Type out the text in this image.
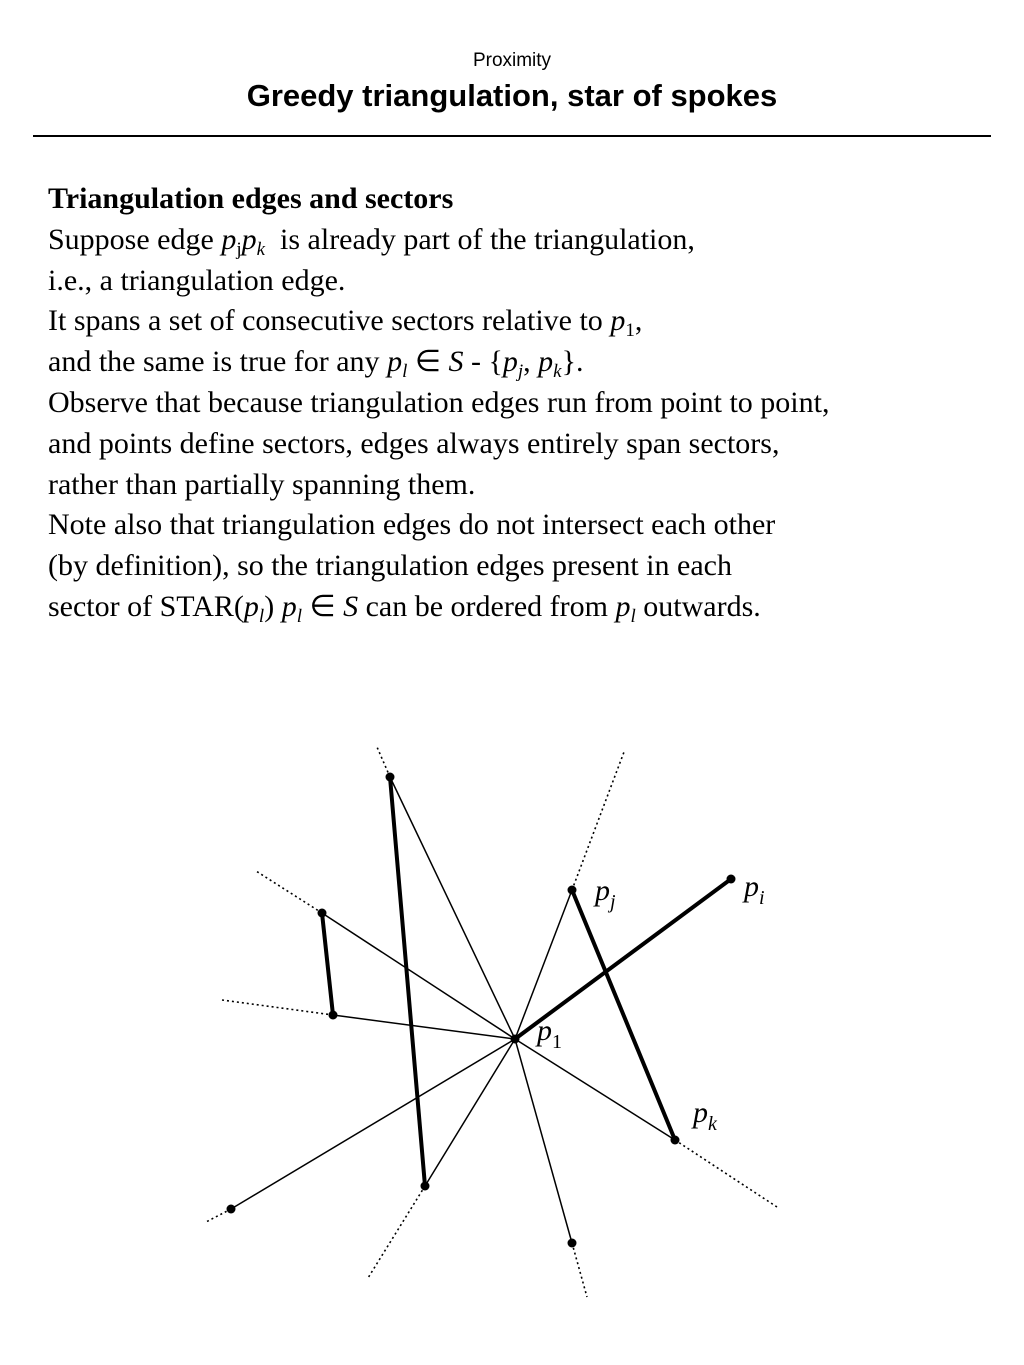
Proximity
Greedy triangulation, star of spokes
Triangulation edges and sectors
Suppose edge $p_jp_k$  is already part of the triangulation,
i.e., a triangulation edge.
It spans a set of consecutive sectors relative to $p_1$,
and the same is true for any $p_l$ ∈ S - {$p_j$, $p_k$}.
Observe that because triangulation edges run from point to point,
and points define sectors, edges always entirely span sectors,
rather than partially spanning them.
Note also that triangulation edges do not intersect each other
(by definition), so the triangulation edges present in each
sector of $STAR(p_l)$ $p_l$ ∈ S can be ordered from $p_l$ outwards.
pj	pi
p1
pk
